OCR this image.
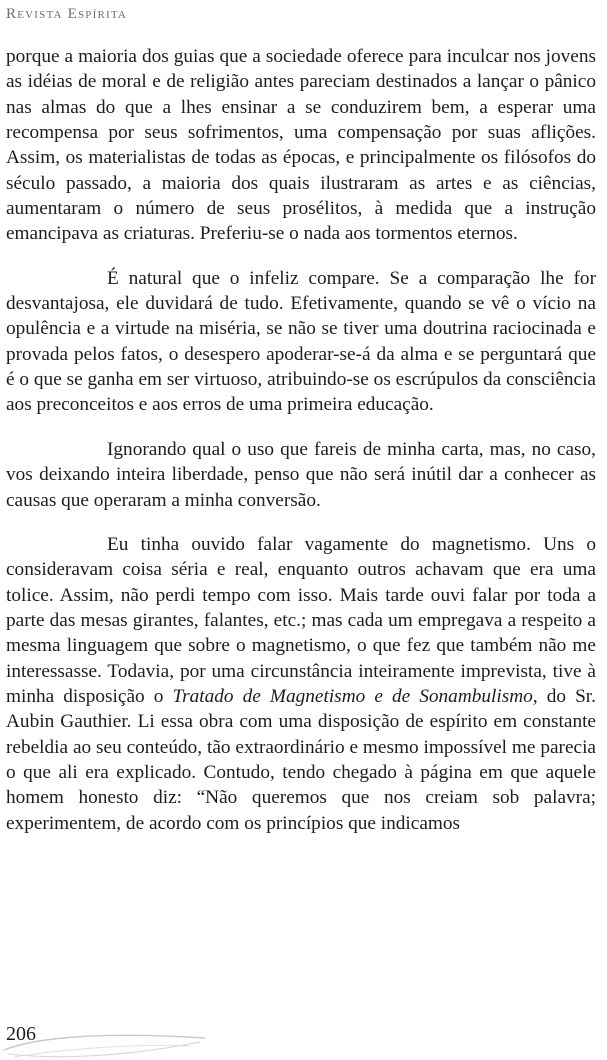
Revista Espírita

porque a maioria dos guias que a sociedade oferece para inculcar nos jovens as idéias de moral e de religião antes pareciam destinados a lançar o pânico nas almas do que a lhes ensinar a se conduzirem bem, a esperar uma recompensa por seus sofrimentos, uma compensação por suas aflições. Assim, os materialistas de todas as épocas, e principalmente os filósofos do século passado, a maioria dos quais ilustraram as artes e as ciências, aumentaram o número de seus prosélitos, à medida que a instrução emancipava as criaturas. Preferiu-se o nada aos tormentos eternos.

É natural que o infeliz compare. Se a comparação lhe for desvantajosa, ele duvidará de tudo. Efetivamente, quando se vê o vício na opulência e a virtude na miséria, se não se tiver uma doutrina raciocinada e provada pelos fatos, o desespero apoderar-se-á da alma e se perguntará que é o que se ganha em ser virtuoso, atribuindo-se os escrúpulos da consciência aos preconceitos e aos erros de uma primeira educação.

Ignorando qual o uso que fareis de minha carta, mas, no caso, vos deixando inteira liberdade, penso que não será inútil dar a conhecer as causas que operaram a minha conversão.

Eu tinha ouvido falar vagamente do magnetismo. Uns o consideravam coisa séria e real, enquanto outros achavam que era uma tolice. Assim, não perdi tempo com isso. Mais tarde ouvi falar por toda a parte das mesas girantes, falantes, etc.; mas cada um empregava a respeito a mesma linguagem que sobre o magnetismo, o que fez que também não me interessasse. Todavia, por uma circunstância inteiramente imprevista, tive à minha disposição o Tratado de Magnetismo e de Sonambulismo, do Sr. Aubin Gauthier. Li essa obra com uma disposição de espírito em constante rebeldia ao seu conteúdo, tão extraordinário e mesmo impossível me parecia o que ali era explicado. Contudo, tendo chegado à página em que aquele homem honesto diz: “Não queremos que nos creiam sob palavra; experimentem, de acordo com os princípios que indicamos

206
